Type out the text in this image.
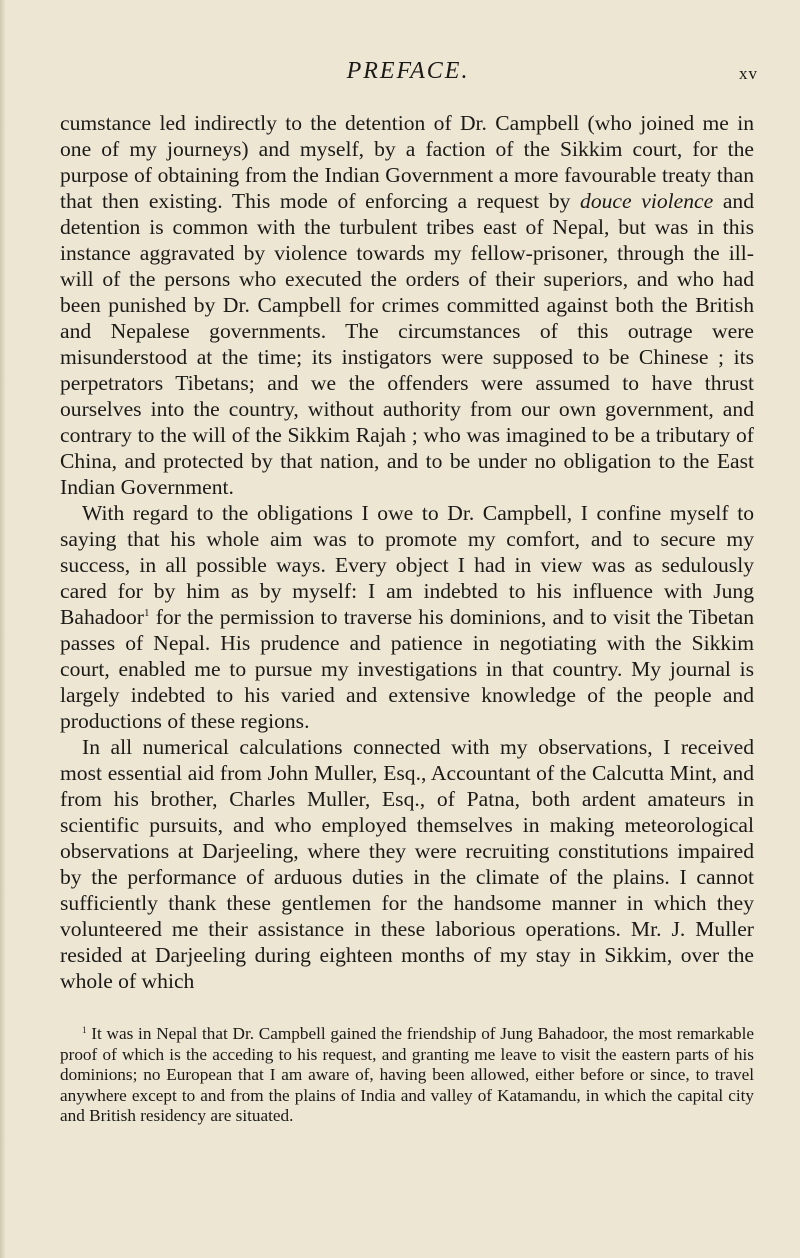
PREFACE.	xv

cumstance led indirectly to the detention of Dr. Campbell (who joined me in one of my journeys) and myself, by a faction of the Sikkim court, for the purpose of obtaining from the Indian Government a more favourable treaty than that then existing. This mode of enforcing a request by douce violence and detention is common with the turbulent tribes east of Nepal, but was in this instance aggravated by violence towards my fellow-prisoner, through the ill-will of the persons who executed the orders of their superiors, and who had been punished by Dr. Campbell for crimes committed against both the British and Nepalese governments. The circumstances of this outrage were misunderstood at the time; its instigators were supposed to be Chinese ; its perpetrators Tibetans; and we the offenders were assumed to have thrust ourselves into the country, without authority from our own government, and contrary to the will of the Sikkim Rajah ; who was imagined to be a tributary of China, and protected by that nation, and to be under no obligation to the East Indian Government.

With regard to the obligations I owe to Dr. Campbell, I confine myself to saying that his whole aim was to promote my comfort, and to secure my success, in all possible ways. Every object I had in view was as sedulously cared for by him as by myself: I am indebted to his influence with Jung Bahadoor$^1$ for the permission to traverse his dominions, and to visit the Tibetan passes of Nepal. His prudence and patience in negotiating with the Sikkim court, enabled me to pursue my investigations in that country. My journal is largely indebted to his varied and extensive knowledge of the people and productions of these regions.

In all numerical calculations connected with my observations, I received most essential aid from John Muller, Esq., Accountant of the Calcutta Mint, and from his brother, Charles Muller, Esq., of Patna, both ardent amateurs in scientific pursuits, and who employed themselves in making meteorological observations at Darjeeling, where they were recruiting constitutions impaired by the performance of arduous duties in the climate of the plains. I cannot sufficiently thank these gentlemen for the handsome manner in which they volunteered me their assistance in these laborious operations. Mr. J. Muller resided at Darjeeling during eighteen months of my stay in Sikkim, over the whole of which

$^1$ It was in Nepal that Dr. Campbell gained the friendship of Jung Bahadoor, the most remarkable proof of which is the acceding to his request, and granting me leave to visit the eastern parts of his dominions; no European that I am aware of, having been allowed, either before or since, to travel anywhere except to and from the plains of India and valley of Katamandu, in which the capital city and British residency are situated.
